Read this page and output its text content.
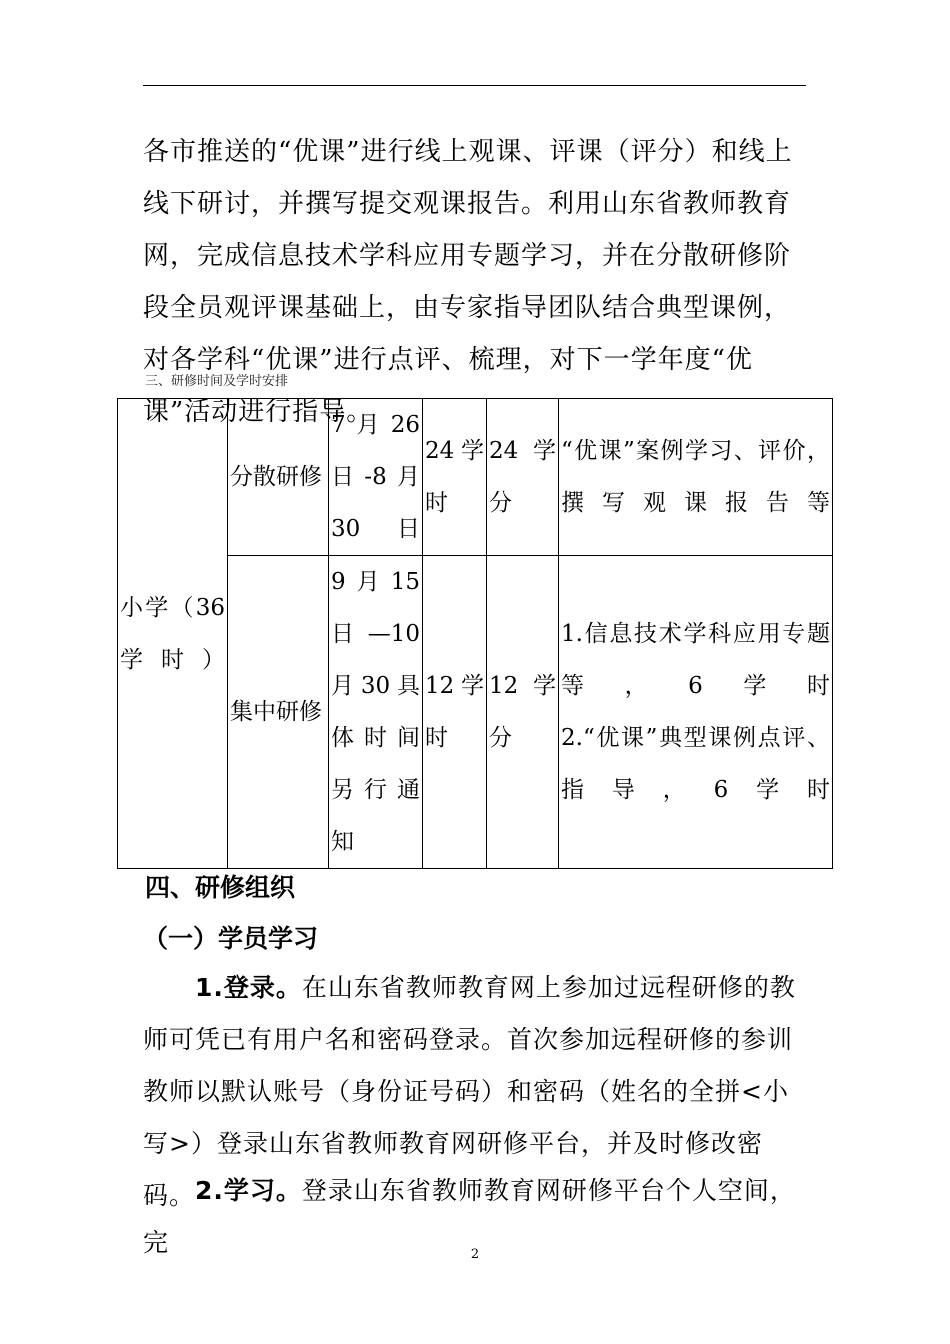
各市推送的“优课”进行线上观课、评课（评分）和线上线下研讨，并撰写提交观课报告。利用山东省教师教育网，完成信息技术学科应用专题学习，并在分散研修阶段全员观评课基础上，由专家指导团队结合典型课例，对各学科“优课”进行点评、梳理，对下一学年度“优课”活动进行指导。

三、研修时间及学时安排
小学（36学时）	分散研修	7月26日-8月30日	24学时	24学分	“优课”案例学习、评价，撰写观课报告等
	集中研修	9月15日—10月30具体时间另行通知	12学时	12学分	1.信息技术学科应用专题等，6学时
2.“优课”典型课例点评、指导，6学时
四、研修组织
（一）学员学习

1.登录。在山东省教师教育网上参加过远程研修的教师可凭已有用户名和密码登录。首次参加远程研修的参训教师以默认账号（身份证号码）和密码（姓名的全拼<小写>）登录山东省教师教育网研修平台，并及时修改密码。 2.学习。登录山东省教师教育网研修平台个人空间，完	2
